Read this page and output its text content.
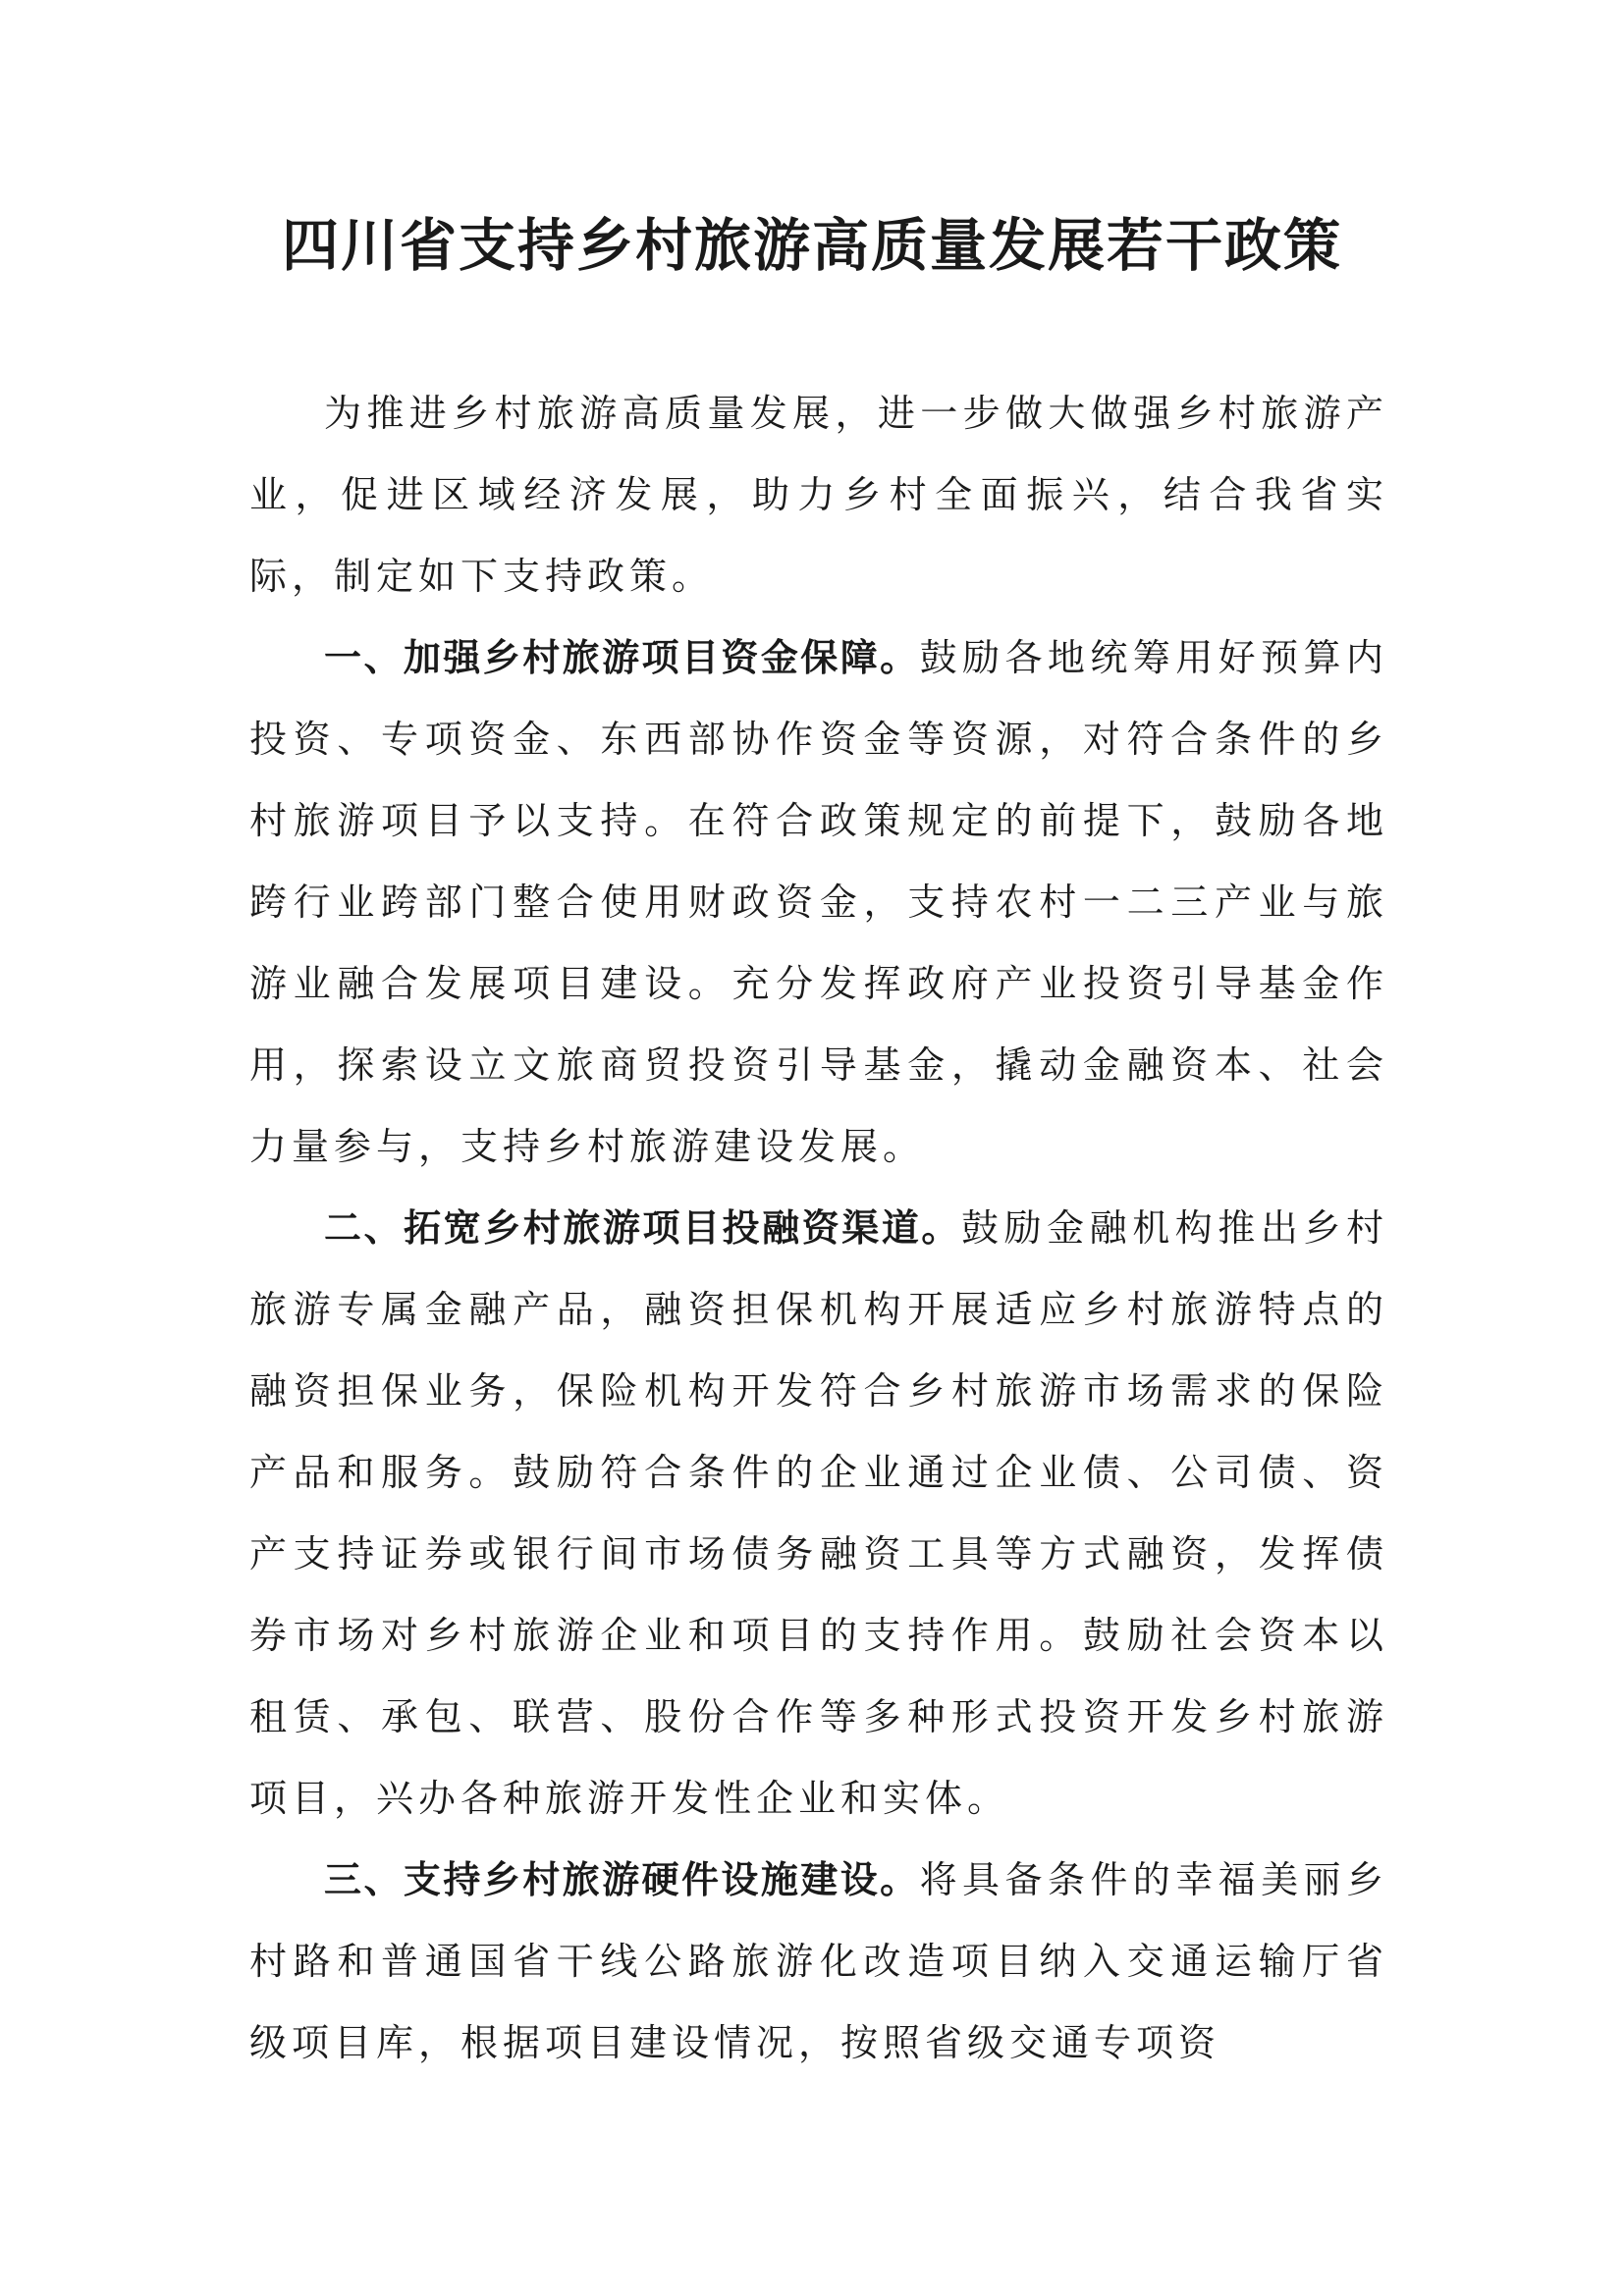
四川省支持乡村旅游高质量发展若干政策

为推进乡村旅游高质量发展，进一步做大做强乡村旅游产业，促进区域经济发展，助力乡村全面振兴，结合我省实际，制定如下支持政策。

一、加强乡村旅游项目资金保障。鼓励各地统筹用好预算内投资、专项资金、东西部协作资金等资源，对符合条件的乡村旅游项目予以支持。在符合政策规定的前提下，鼓励各地跨行业跨部门整合使用财政资金，支持农村一二三产业与旅游业融合发展项目建设。充分发挥政府产业投资引导基金作用，探索设立文旅商贸投资引导基金，撬动金融资本、社会力量参与，支持乡村旅游建设发展。

二、拓宽乡村旅游项目投融资渠道。鼓励金融机构推出乡村旅游专属金融产品，融资担保机构开展适应乡村旅游特点的融资担保业务，保险机构开发符合乡村旅游市场需求的保险产品和服务。鼓励符合条件的企业通过企业债、公司债、资产支持证券或银行间市场债务融资工具等方式融资，发挥债券市场对乡村旅游企业和项目的支持作用。鼓励社会资本以租赁、承包、联营、股份合作等多种形式投资开发乡村旅游项目，兴办各种旅游开发性企业和实体。

三、支持乡村旅游硬件设施建设。将具备条件的幸福美丽乡村路和普通国省干线公路旅游化改造项目纳入交通运输厅省级项目库，根据项目建设情况，按照省级交通专项资
